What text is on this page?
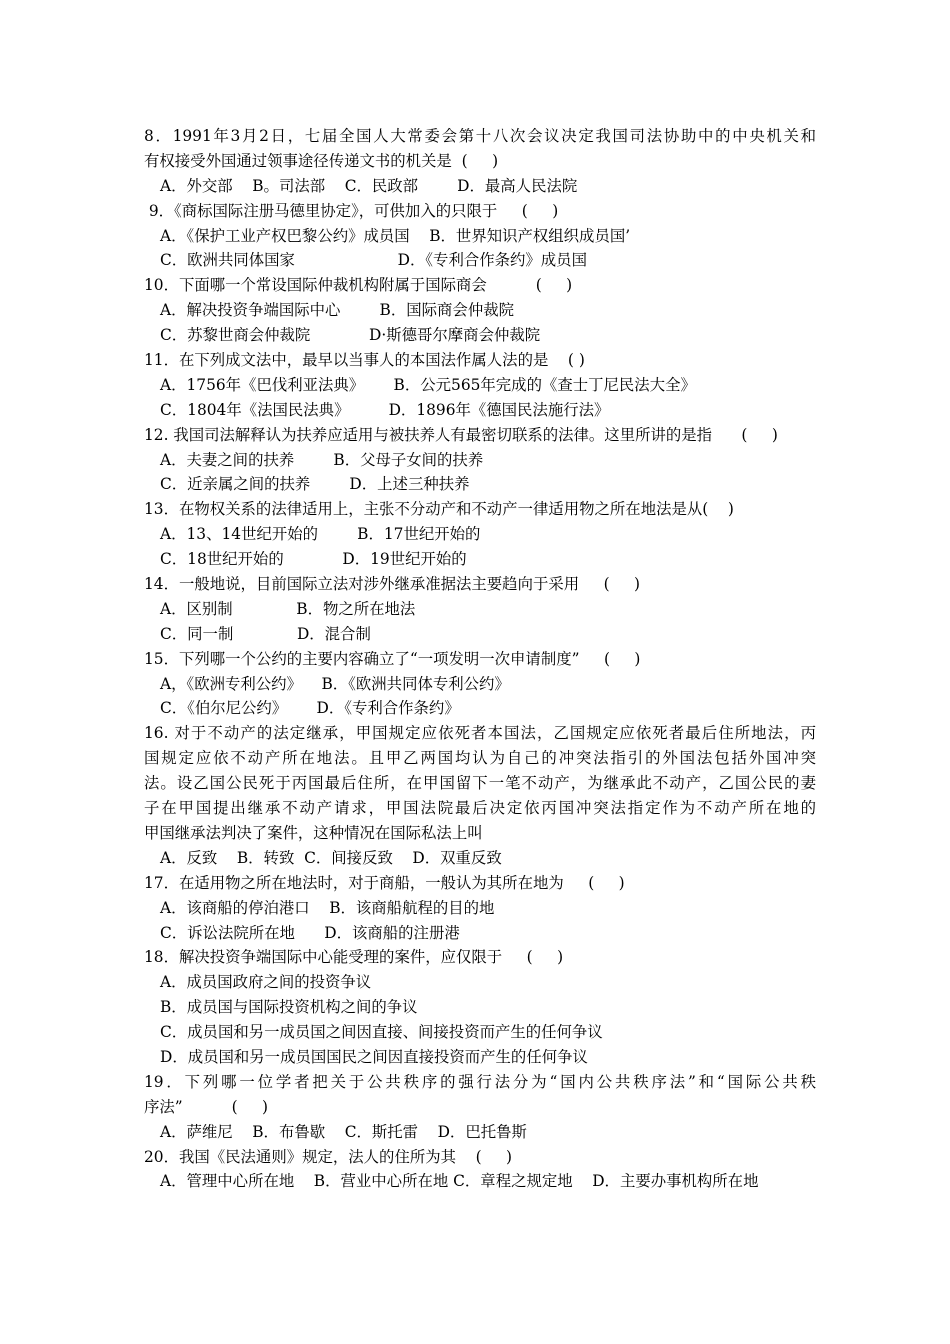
8．1991年3月2日，七届全国人大常委会第十八次会议决定我国司法协助中的中央机关和
有权接受外国通过领事途径传递文书的机关是  (     )
A．外交部    B。司法部    C．民政部        D．最高人民法院
9．《商标国际注册马德里协定》，可供加入的只限于     (     )
A．《保护工业产权巴黎公约》成员国    B．世界知识产权组织成员国’
C．欧洲共同体国家                     D．《专利合作条约》成员国
10．下面哪一个常设国际仲裁机构附属于国际商会          (     )
A．解决投资争端国际中心        B．国际商会仲裁院
C．苏黎世商会仲裁院            D·斯德哥尔摩商会仲裁院
11．在下列成文法中，最早以当事人的本国法作属人法的是    ( )
A．1756年《巴伐利亚法典》      B．公元565年完成的《查士丁尼民法大全》
C．1804年《法国民法典》        D．1896年《德国民法施行法》
12. 我国司法解释认为扶养应适用与被扶养人有最密切联系的法律。这里所讲的是指      (     )
A．夫妻之间的扶养        B．父母子女间的扶养
C．近亲属之间的扶养        D．上述三种扶养
13．在物权关系的法律适用上，主张不分动产和不动产一律适用物之所在地法是从(    )
A．13、14世纪开始的        B．17世纪开始的
C．18世纪开始的            D．19世纪开始的
14．一般地说，目前国际立法对涉外继承准据法主要趋向于采用     (     )
A．区别制             B．物之所在地法
C．同一制             D．混合制
15．下列哪一个公约的主要内容确立了“一项发明一次申请制度”     (     )
A，《欧洲专利公约》    B．《欧洲共同体专利公约》
C．《伯尔尼公约》      D．《专利合作条约》
16. 对于不动产的法定继承，甲国规定应依死者本国法，乙国规定应依死者最后住所地法，丙
国规定应依不动产所在地法。且甲乙两国均认为自己的冲突法指引的外国法包括外国冲突
法。设乙国公民死于丙国最后住所，在甲国留下一笔不动产，为继承此不动产，乙国公民的妻
子在甲国提出继承不动产请求，甲国法院最后决定依丙国冲突法指定作为不动产所在地的
甲国继承法判决了案件，这种情况在国际私法上叫
A．反致    B．转致  C．间接反致    D．双重反致
17．在适用物之所在地法时，对于商船，一般认为其所在地为     (     )
A．该商船的停泊港口    B．该商船航程的目的地
C．诉讼法院所在地      D．该商船的注册港
18．解决投资争端国际中心能受理的案件，应仅限于     (     )
A．成员国政府之间的投资争议
B．成员国与国际投资机构之间的争议
C．成员国和另一成员国之间因直接、间接投资而产生的任何争议
D．成员国和另一成员国国民之间因直接投资而产生的任何争议
19．下列哪一位学者把关于公共秩序的强行法分为“国内公共秩序法”和“国际公共秩
序法”          (     )
A．萨维尼    B．布鲁歇    C．斯托雷    D．巴托鲁斯
20．我国《民法通则》规定，法人的住所为其    (     )
A．管理中心所在地    B．营业中心所在地 C．章程之规定地    D．主要办事机构所在地
